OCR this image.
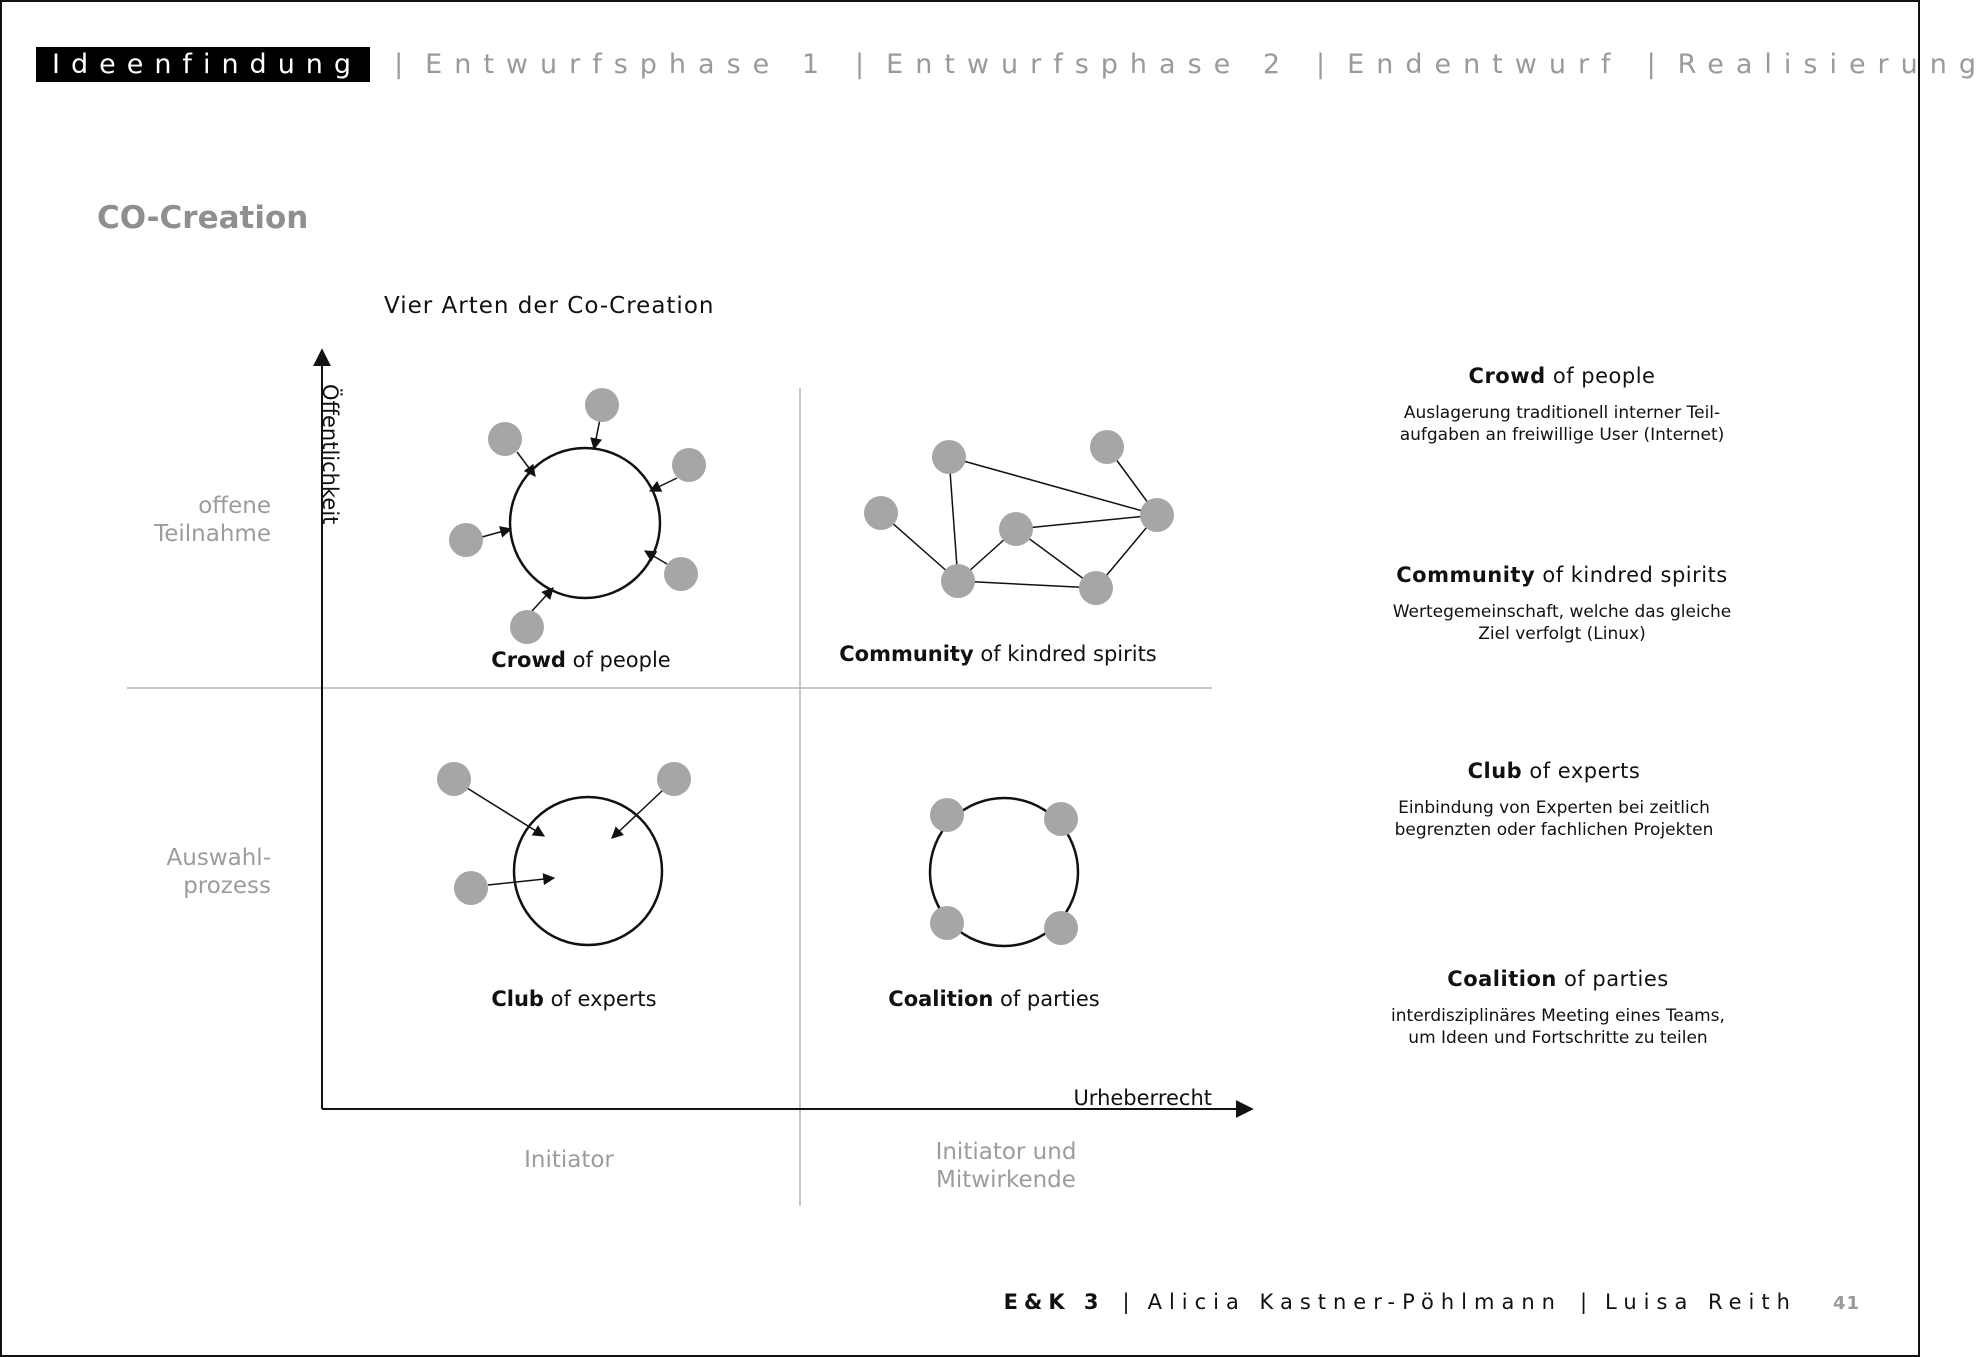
Ideenfindung | Entwurfsphase 1 | Entwurfsphase 2 | Endentwurf | Realisierung
CO-Creation
Vier Arten der Co-Creation
Öffentlichkeit
Urheberrecht
offene
Teilnahme
Auswahl-
prozess
Initiator	Initiator und
Mitwirkende
Crowd of people	Community of kindred spirits
Club of experts	Coalition of parties
Crowd of people
Auslagerung traditionell interner Teil-
aufgaben an freiwillige User (Internet)
Community of kindred spirits
Wertegemeinschaft, welche das gleiche
Ziel verfolgt (Linux)
Club of experts
Einbindung von Experten bei zeitlich
begrenzten oder fachlichen Projekten
Coalition of parties
interdisziplinäres Meeting eines Teams,
um Ideen und Fortschritte zu teilen
E&K 3 | Alicia Kastner-Pöhlmann | Luisa Reith 41
